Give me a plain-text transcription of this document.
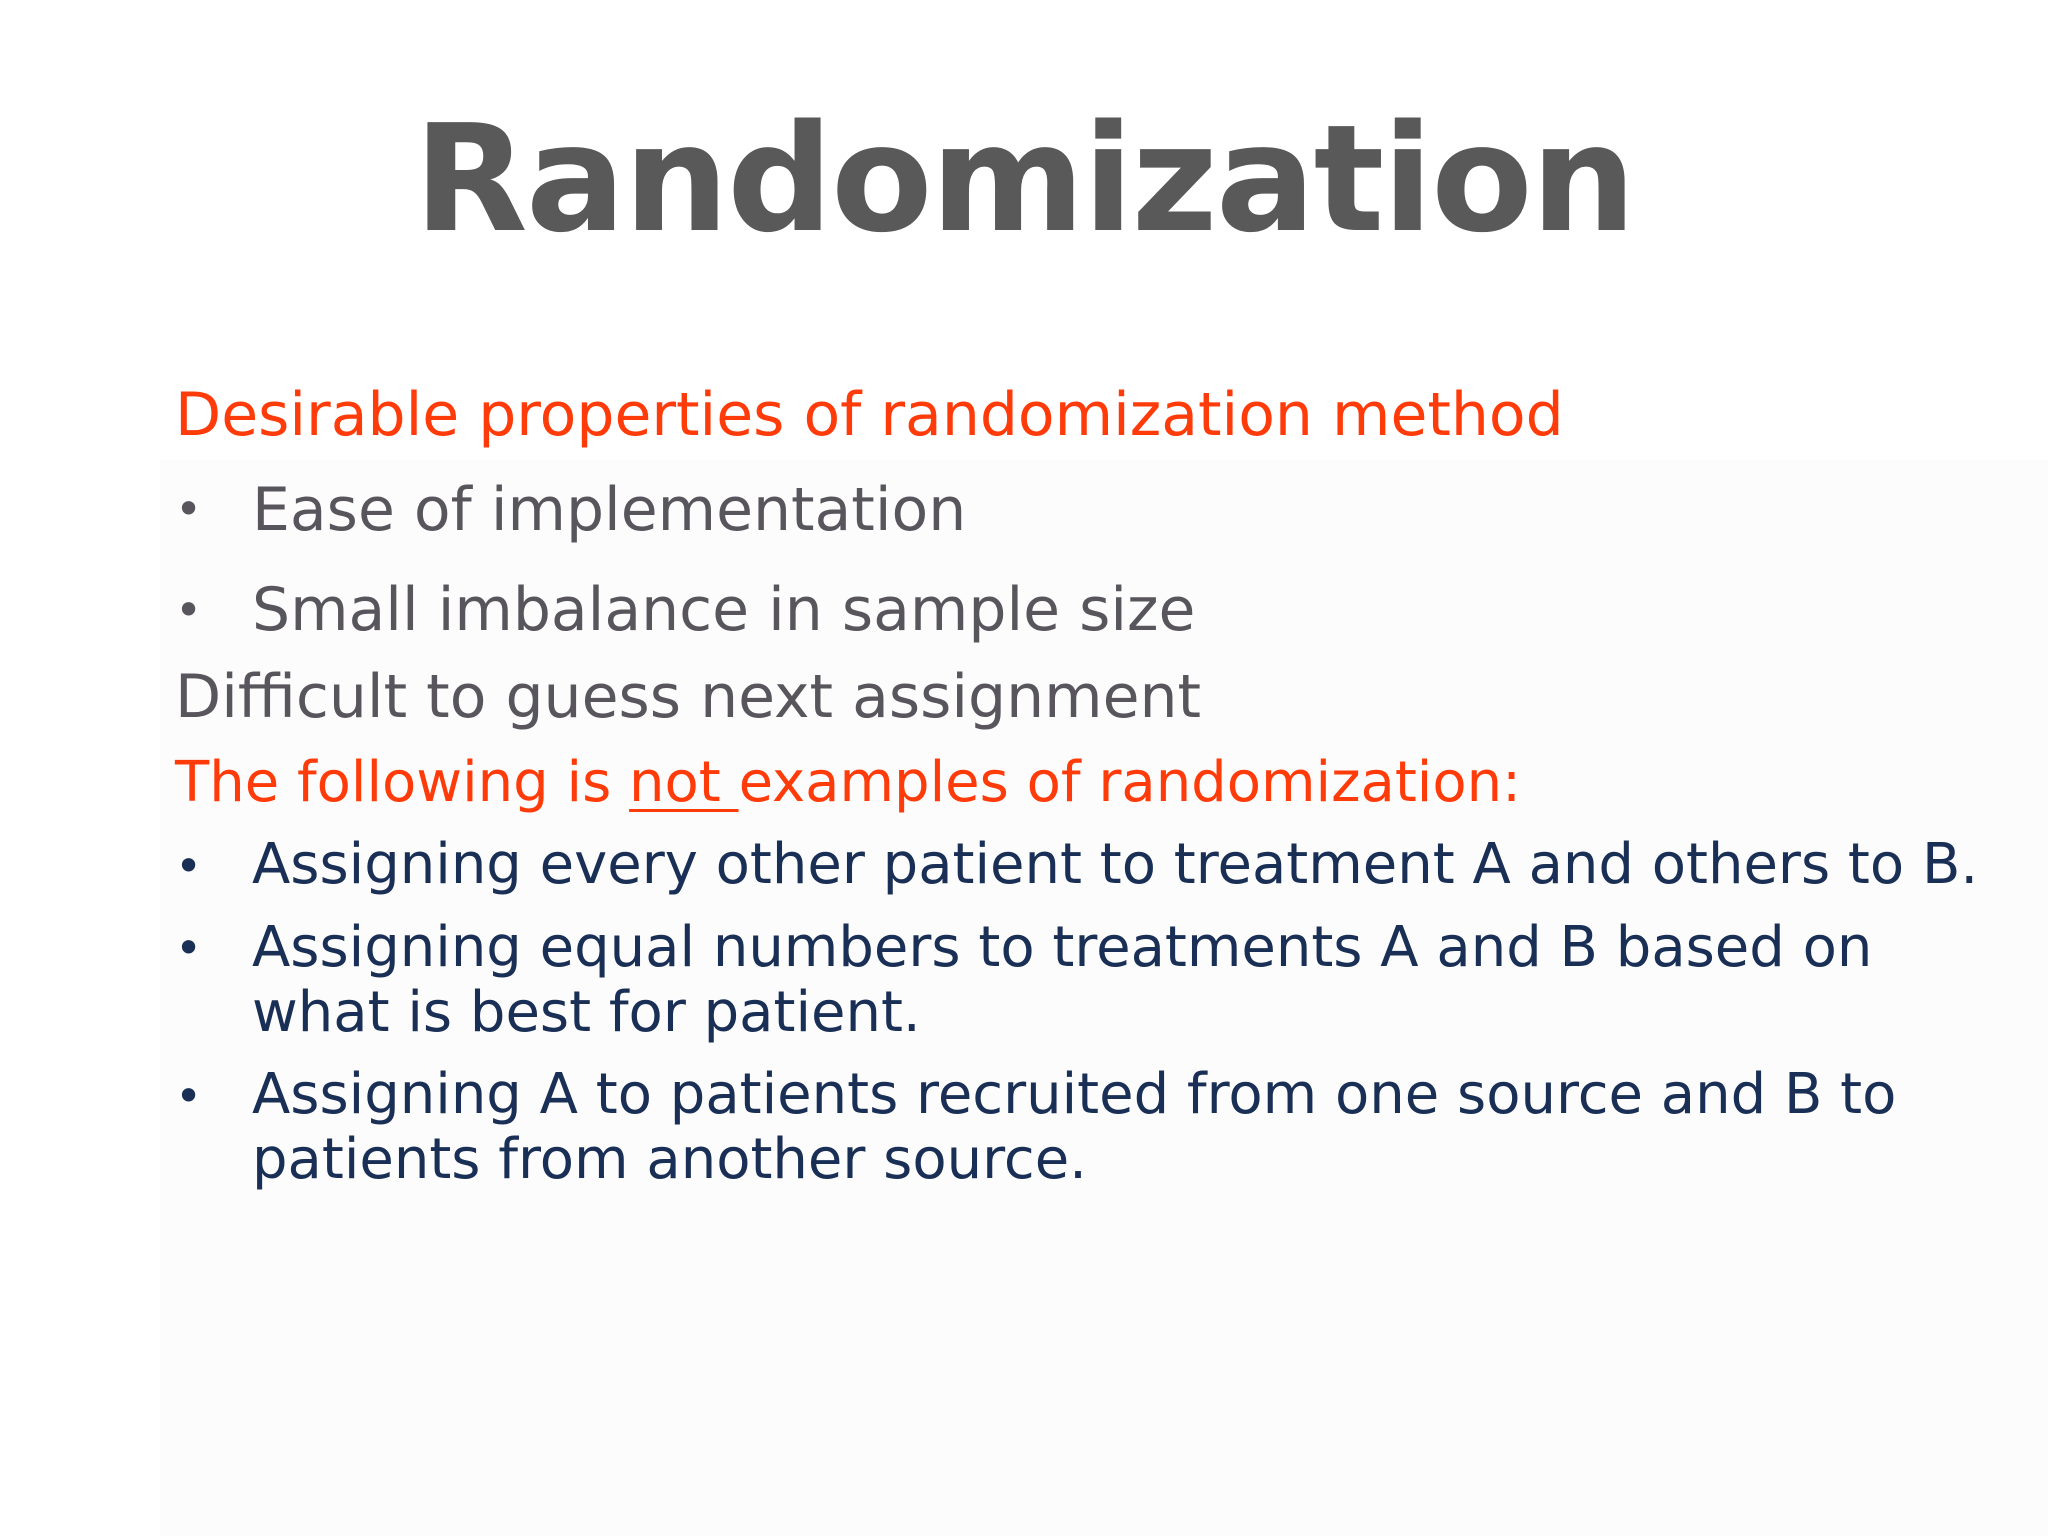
Randomization
Desirable properties of randomization method
• Ease of implementation
• Small imbalance in sample size
Difficult to guess next assignment
The following is not examples of randomization:
• Assigning every other patient to treatment A and others to B.
• Assigning equal numbers to treatments A and B based on
what is best for patient.
• Assigning A to patients recruited from one source and B to
patients from another source.
